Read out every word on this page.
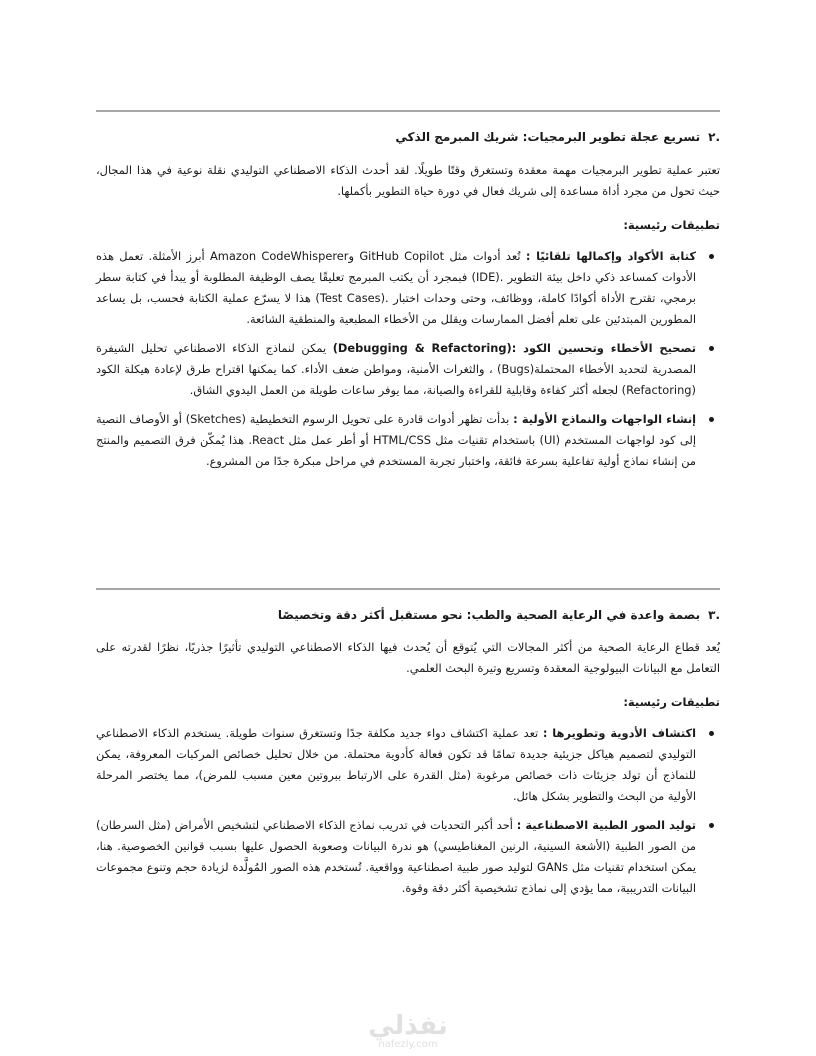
.٢
تسريع عجلة تطوير البرمجيات: شريك المبرمج الذكي
تعتبر عملية تطوير البرمجيات مهمة معقدة وتستغرق وقتًا طويلًا. لقد أحدث الذكاء الاصطناعي التوليدي نقلة نوعية في هذا المجال، حيث تحول من مجرد أداة مساعدة إلى شريك فعال في دورة حياة التطوير بأكملها.
تطبيقات رئيسية:
كتابة الأكواد وإكمالها تلقائيًا : تُعد أدوات مثل GitHub Copilot وAmazon CodeWhisperer أبرز الأمثلة. تعمل هذه الأدوات كمساعد ذكي داخل بيئة التطوير .(IDE) فبمجرد أن يكتب المبرمج تعليقًا يصف الوظيفة المطلوبة أو يبدأ في كتابة سطر برمجي، تقترح الأداة أكوادًا كاملة، ووظائف، وحتى وحدات اختبار .(Test Cases) هذا لا يسرّع عملية الكتابة فحسب، بل يساعد المطورين المبتدئين على تعلم أفضل الممارسات ويقلل من الأخطاء المطبعية والمنطقية الشائعة.
تصحيح الأخطاء وتحسين الكود :(Debugging & Refactoring) يمكن لنماذج الذكاء الاصطناعي تحليل الشيفرة المصدرية لتحديد الأخطاء المحتملة(Bugs) ، والثغرات الأمنية، ومواطن ضعف الأداء. كما يمكنها اقتراح طرق لإعادة هيكلة الكود (Refactoring) لجعله أكثر كفاءة وقابلية للقراءة والصيانة، مما يوفر ساعات طويلة من العمل اليدوي الشاق.
إنشاء الواجهات والنماذج الأولية : بدأت تظهر أدوات قادرة على تحويل الرسوم التخطيطية (Sketches) أو الأوصاف النصية إلى كود لواجهات المستخدم (UI) باستخدام تقنيات مثل HTML/CSS أو أطر عمل مثل React. هذا يُمكّن فرق التصميم والمنتج من إنشاء نماذج أولية تفاعلية بسرعة فائقة، واختبار تجربة المستخدم في مراحل مبكرة جدًا من المشروع.
.٣
بصمة واعدة في الرعاية الصحية والطب: نحو مستقبل أكثر دقة وتخصيصًا
يُعد قطاع الرعاية الصحية من أكثر المجالات التي يُتوقع أن يُحدث فيها الذكاء الاصطناعي التوليدي تأثيرًا جذريًا، نظرًا لقدرته على التعامل مع البيانات البيولوجية المعقدة وتسريع وتيرة البحث العلمي.
تطبيقات رئيسية:
اكتشاف الأدوية وتطويرها : تعد عملية اكتشاف دواء جديد مكلفة جدًا وتستغرق سنوات طويلة. يستخدم الذكاء الاصطناعي التوليدي لتصميم هياكل جزيئية جديدة تمامًا قد تكون فعالة كأدوية محتملة. من خلال تحليل خصائص المركبات المعروفة، يمكن للنماذج أن تولد جزيئات ذات خصائص مرغوبة (مثل القدرة على الارتباط ببروتين معين مسبب للمرض)، مما يختصر المرحلة الأولية من البحث والتطوير بشكل هائل.
توليد الصور الطبية الاصطناعية : أحد أكبر التحديات في تدريب نماذج الذكاء الاصطناعي لتشخيص الأمراض (مثل السرطان) من الصور الطبية (الأشعة السينية، الرنين المغناطيسي) هو ندرة البيانات وصعوبة الحصول عليها بسبب قوانين الخصوصية. هنا، يمكن استخدام تقنيات مثل GANs لتوليد صور طبية اصطناعية وواقعية. تُستخدم هذه الصور المُولَّدة لزيادة حجم وتنوع مجموعات البيانات التدريبية، مما يؤدي إلى نماذج تشخيصية أكثر دقة وقوة.
نفذلي
nafezly.com
